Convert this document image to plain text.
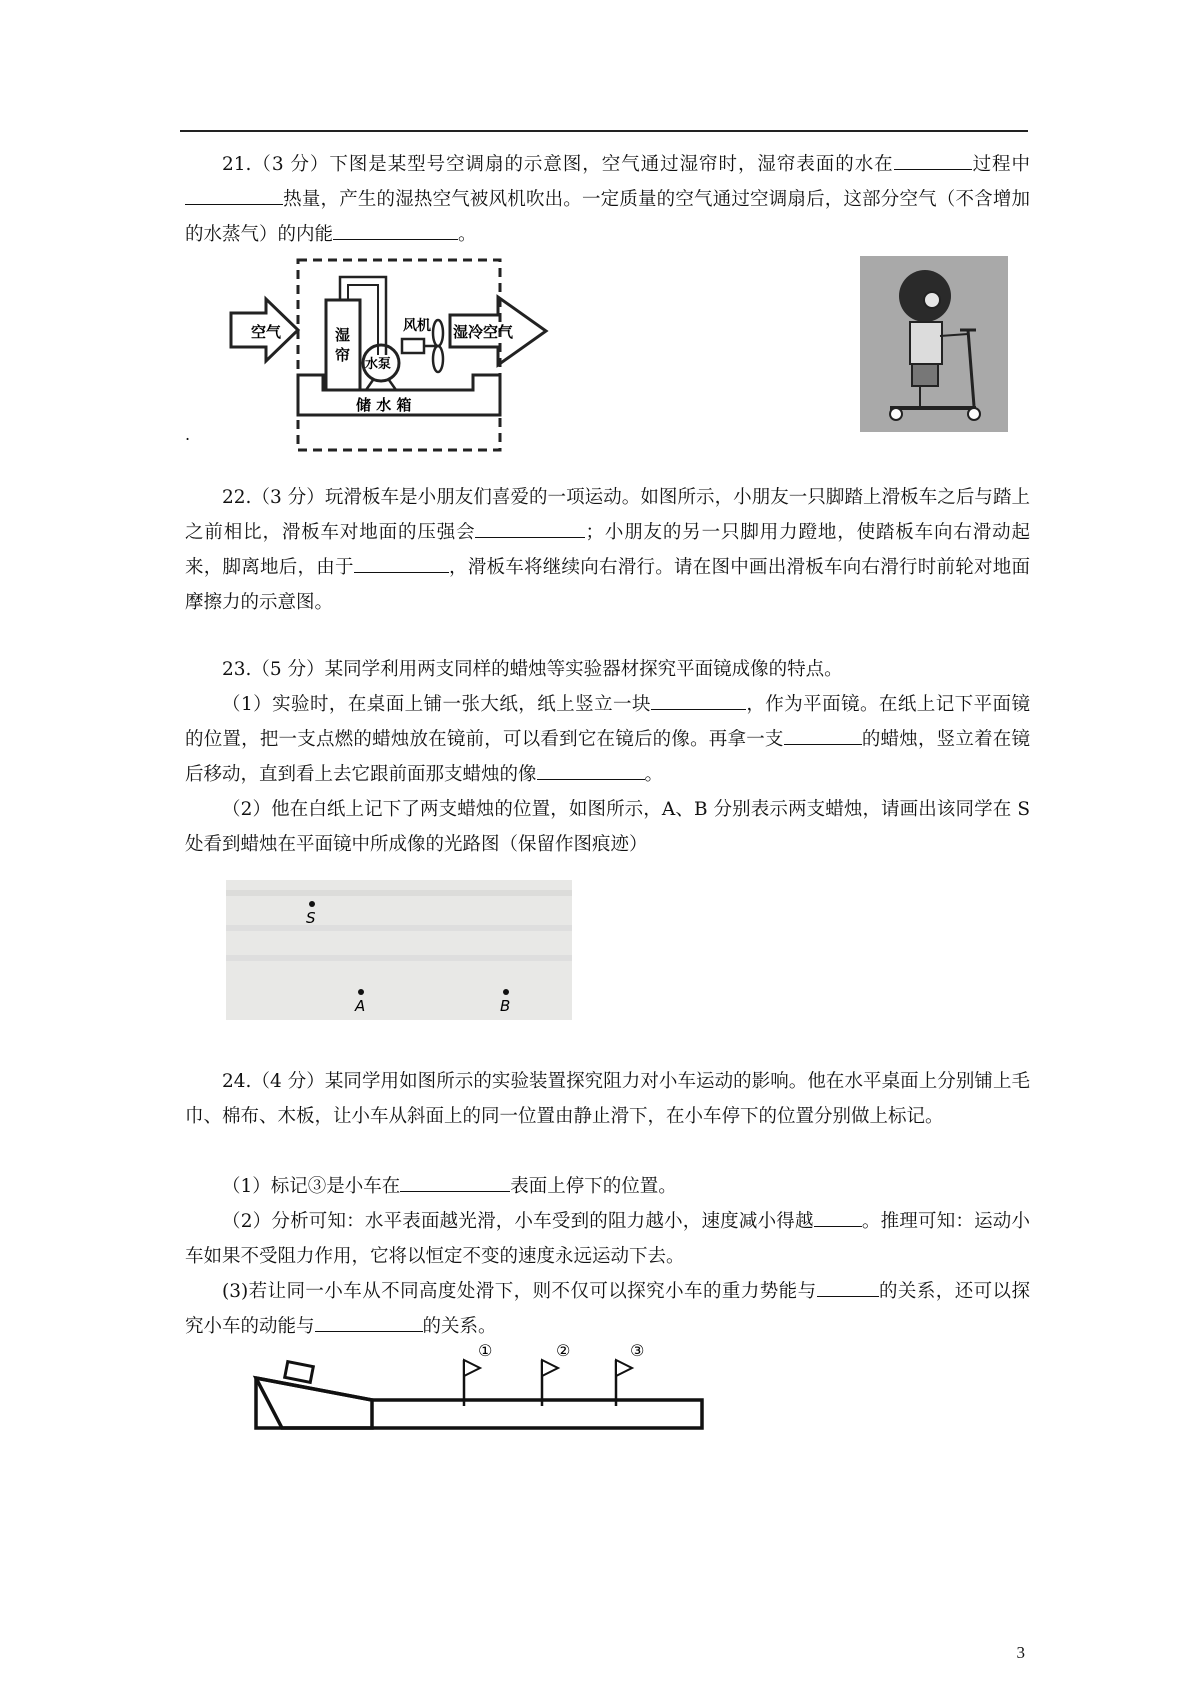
21.（3 分）下图是某型号空调扇的示意图，空气通过湿帘时，湿帘表面的水在	过程中热量，产生的湿热空气被风机吹出。一定质量的空气通过空调扇后，这部分空气（不含增加的水蒸气）的内能	。
空气
储 水 箱
湿
帘
水泵
风机 湿冷空气
.
22.（3 分）玩滑板车是小朋友们喜爱的一项运动。如图所示，小朋友一只脚踏上滑板车之后与踏上之前相比，滑板车对地面的压强会	；小朋友的另一只脚用力蹬地，使踏板车向右滑动起来，脚离地后，由于	，滑板车将继续向右滑行。请在图中画出滑板车向右滑行时前轮对地面摩擦力的示意图。
23.（5 分）某同学利用两支同样的蜡烛等实验器材探究平面镜成像的特点。
（1）实验时，在桌面上铺一张大纸，纸上竖立一块	，作为平面镜。在纸上记下平面镜的位置，把一支点燃的蜡烛放在镜前，可以看到它在镜后的像。再拿一支	的蜡烛，竖立着在镜后移动，直到看上去它跟前面那支蜡烛的像	。
（2）他在白纸上记下了两支蜡烛的位置，如图所示，A、B 分别表示两支蜡烛，请画出该同学在 S 处看到蜡烛在平面镜中所成像的光路图（保留作图痕迹）
S
A	B
24.（4 分）某同学用如图所示的实验装置探究阻力对小车运动的影响。他在水平桌面上分别铺上毛巾、棉布、木板，让小车从斜面上的同一位置由静止滑下，在小车停下的位置分别做上标记。
（1）标记③是小车在	表面上停下的位置。
（2）分析可知：水平表面越光滑，小车受到的阻力越小，速度减小得越	。推理可知：运动小车如果不受阻力作用，它将以恒定不变的速度永远运动下去。
(3)若让同一小车从不同高度处滑下，则不仅可以探究小车的重力势能与	的关系，还可以探究小车的动能与	的关系。
①	②	③
3
